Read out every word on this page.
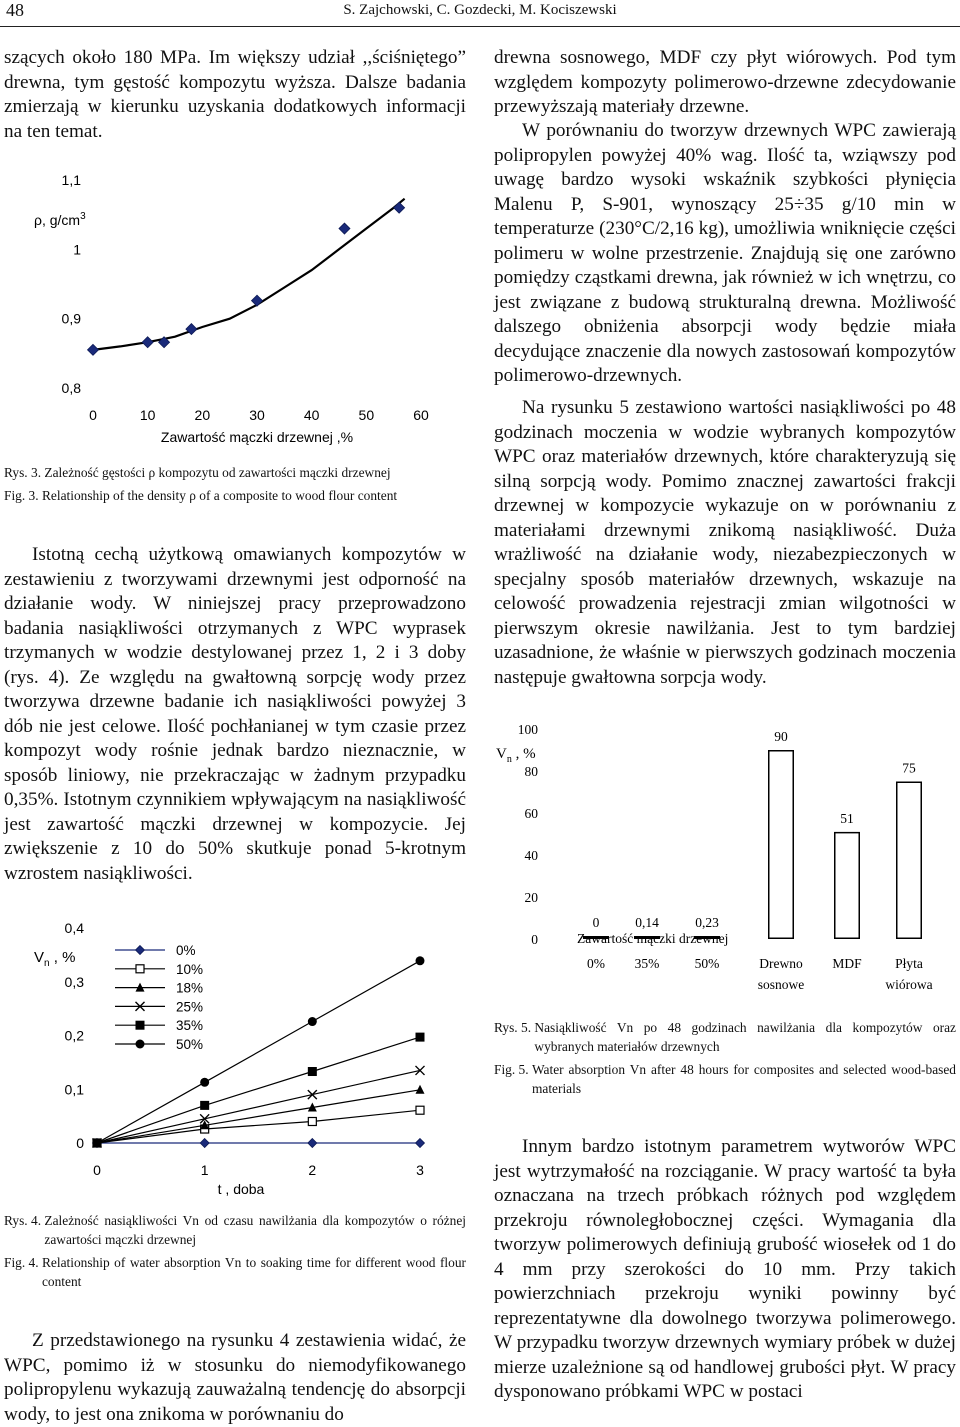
48	S. Zajchowski, C. Gozdecki, M. Kociszewski

szących około 180 MPa. Im większy udział ,,ściśniętego” drewna, tym gęstość kompozytu wyższa. Dalsze badania zmierzają w kierunku uzyskania dodatkowych informacji na ten temat.

ρ, $g/cm^3$
0,8
0,9
1
1,1
0	10	20	30	40	50	60
Zawartość mączki drzewnej ,%
Rys. 3.
Zależność gęstości ρ kompozytu od zawartości mączki drzewnej
Fig. 3.
Relationship of the density ρ of a composite to wood flour content

Istotną cechą użytkową omawianych kompozytów w zestawieniu z tworzywami drzewnymi jest odporność na działanie wody. W niniejszej pracy przeprowadzono badania nasiąkliwości otrzymanych z WPC wyprasek trzymanych w wodzie destylowanej przez 1, 2 i 3 doby (rys. 4). Ze względu na gwałtowną sorpcję wody przez tworzywa drzewne badanie ich nasiąkliwości powyżej 3 dób nie jest celowe. Ilość pochłanianej w tym czasie przez kompozyt wody rośnie jednak bardzo nieznacznie, w sposób liniowy, nie przekraczając w żadnym przypadku 0,35%. Istotnym czynnikiem wpływającym na nasiąkliwość jest zawartość mączki drzewnej w kompozycie. Jej zwiększenie z 10 do 50% skutkuje ponad 5-krotnym wzrostem nasiąkliwości.

$V_n$ , %
0
0,1
0,2
0,3
0,4
0	1	2	3
t , doba
0%
10%
18%
25%
35%
50%
Rys. 4.
Zależność nasiąkliwości Vn od czasu nawilżania dla kompozytów o różnej zawartości mączki drzewnej
Fig. 4.
Relationship of water absorption Vn to soaking time for different wood flour content

Z przedstawionego na rysunku 4 zestawienia widać, że WPC, pomimo iż w stosunku do niemodyfikowanego polipropylenu wykazują zauważalną tendencję do absorpcji wody, to jest ona znikoma w porównaniu do

drewna sosnowego, MDF czy płyt wiórowych. Pod tym względem kompozyty polimerowo-drzewne zdecydowanie przewyższają materiały drzewne.

W porównaniu do tworzyw drzewnych WPC zawierają polipropylen powyżej 40% wag. Ilość ta, wziąwszy pod uwagę bardzo wysoki wskaźnik szybkości płynięcia Malenu P, S-901, wynoszący 25÷35 g/10 min w temperaturze (230°C/2,16 kg), umożliwia wniknięcie części polimeru w wolne przestrzenie. Znajdują się one zarówno pomiędzy cząstkami drewna, jak również w ich wnętrzu, co jest związane z budową strukturalną drewna. Możliwość dalszego obniżenia absorpcji wody będzie miała decydujące znaczenie dla nowych zastosowań kompozytów polimerowo-drzewnych.

Na rysunku 5 zestawiono wartości nasiąkliwości po 48 godzinach moczenia w wodzie wybranych kompozytów WPC oraz materiałów drzewnych, które charakteryzują się silną sorpcją wody. Pomimo znacznej zawartości frakcji drzewnej w kompozycie wykazuje on w porównaniu z materiałami drzewnymi znikomą nasiąkliwość. Duża wrażliwość na działanie wody, niezabezpieczonych w specjalny sposób materiałów drzewnych, wskazuje na celowość prowadzenia rejestracji zmian wilgotności w pierwszym okresie nawilżania. Jest to tym bardziej uzasadnione, że właśnie w pierwszych godzinach moczenia następuje gwałtowna sorpcja wody.

$V_n$ , %
0
20
40
60
80
100
0	0,14	0,23
90
51
75
Zawartość mączki drzewnej
0% 35%	50%	Drewno
sosnowe
MDF Płyta
wiórowa
Rys. 5.
Nasiąkliwość Vn po 48 godzinach nawilżania dla kompozytów oraz wybranych materiałów drzewnych
Fig. 5.
Water absorption Vn after 48 hours for composites and selected wood-based materials

Innym bardzo istotnym parametrem wytworów WPC jest wytrzymałość na rozciąganie. W pracy wartość ta była oznaczana na trzech próbkach różnych pod względem przekroju równoległobocznej części. Wymagania dla tworzyw polimerowych definiują grubość wiosełek od 1 do 4 mm przy szerokości do 10 mm. Przy takich powierzchniach przekroju wyniki powinny być reprezentatywne dla dowolnego tworzywa polimerowego. W przypadku tworzyw drzewnych wymiary próbek w dużej mierze uzależnione są od handlowej grubości płyt. W pracy dysponowano próbkami WPC w postaci
